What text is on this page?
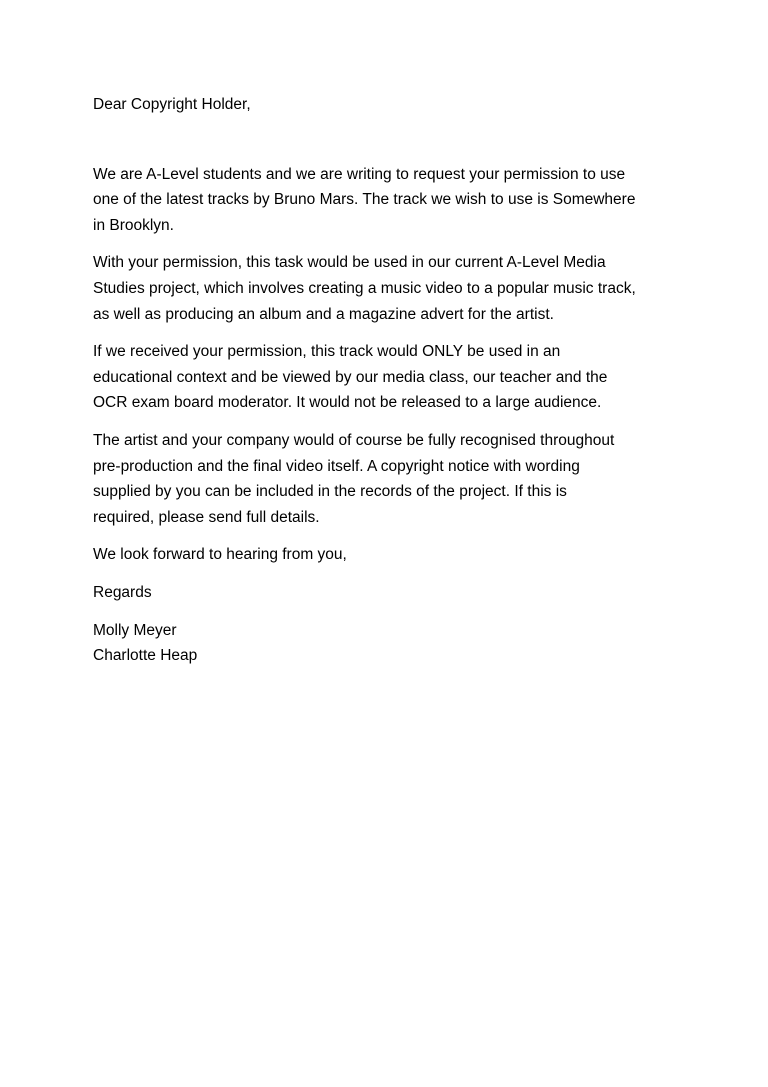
Dear Copyright Holder,

We are A-Level students and we are writing to request your permission to use
one of the latest tracks by Bruno Mars. The track we wish to use is Somewhere
in Brooklyn.

With your permission, this task would be used in our current A-Level Media
Studies project, which involves creating a music video to a popular music track,
as well as producing an album and a magazine advert for the artist.

If we received your permission, this track would ONLY be used in an
educational context and be viewed by our media class, our teacher and the
OCR exam board moderator. It would not be released to a large audience.

The artist and your company would of course be fully recognised throughout
pre-production and the final video itself. A copyright notice with wording
supplied by you can be included in the records of the project. If this is
required, please send full details.

We look forward to hearing from you,

Regards

Molly Meyer
Charlotte Heap
